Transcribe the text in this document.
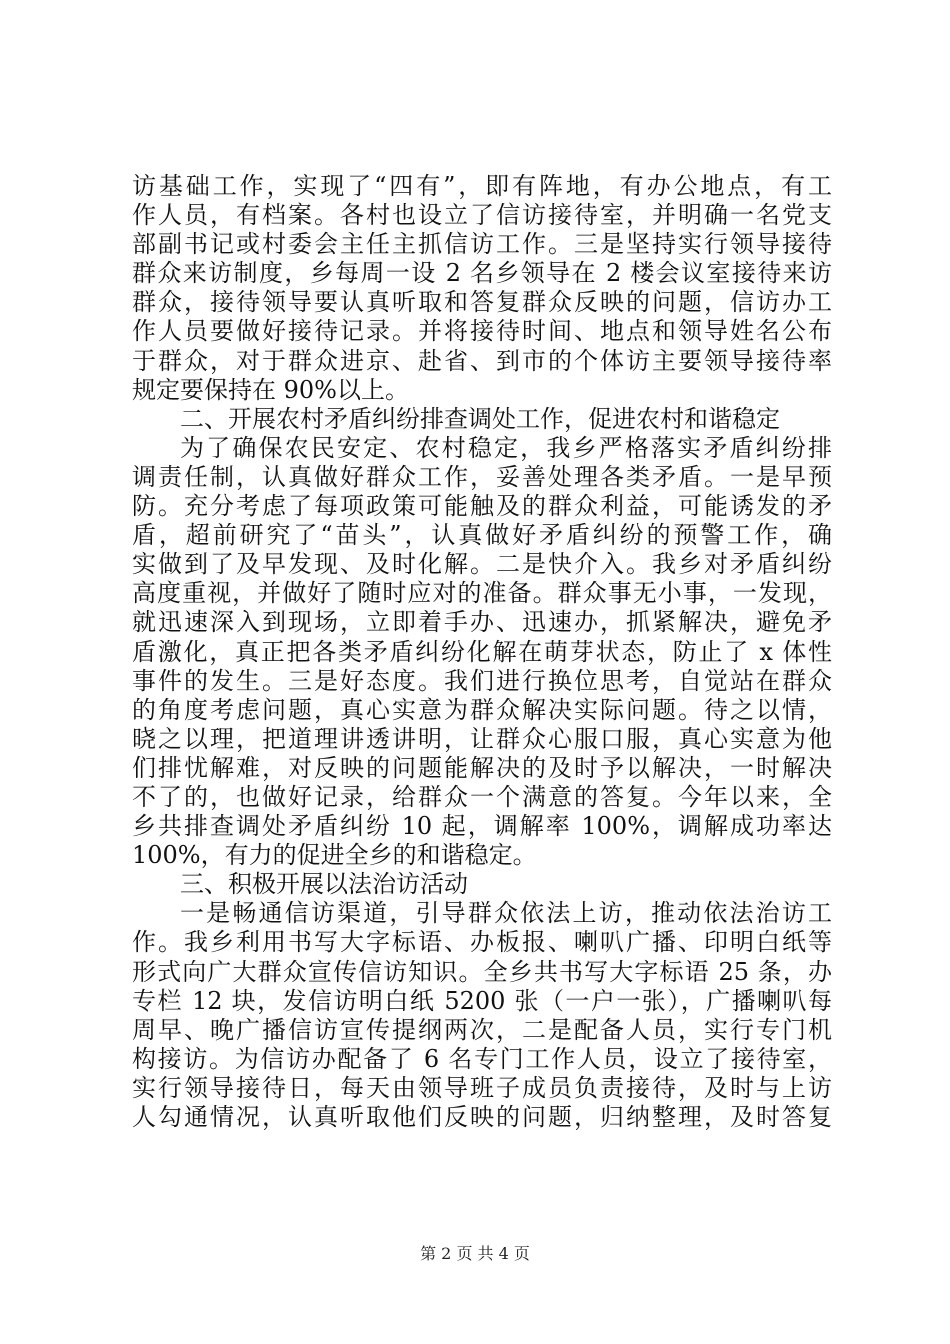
访基础工作，实现了“四有”，即有阵地，有办公地点，有工
作人员，有档案。各村也设立了信访接待室，并明确一名党支
部副书记或村委会主任主抓信访工作。三是坚持实行领导接待
群众来访制度，乡每周一设 2 名乡领导在 2 楼会议室接待来访
群众，接待领导要认真听取和答复群众反映的问题，信访办工
作人员要做好接待记录。并将接待时间、地点和领导姓名公布
于群众，对于群众进京、赴省、到市的个体访主要领导接待率
规定要保持在 90%以上。
二、开展农村矛盾纠纷排查调处工作，促进农村和谐稳定
为了确保农民安定、农村稳定，我乡严格落实矛盾纠纷排
调责任制，认真做好群众工作，妥善处理各类矛盾。一是早预
防。充分考虑了每项政策可能触及的群众利益，可能诱发的矛
盾，超前研究了“苗头”，认真做好矛盾纠纷的预警工作，确
实做到了及早发现、及时化解。二是快介入。我乡对矛盾纠纷
高度重视，并做好了随时应对的准备。群众事无小事，一发现，
就迅速深入到现场，立即着手办、迅速办，抓紧解决，避免矛
盾激化，真正把各类矛盾纠纷化解在萌芽状态，防止了 x 体性
事件的发生。三是好态度。我们进行换位思考，自觉站在群众
的角度考虑问题，真心实意为群众解决实际问题。待之以情，
晓之以理，把道理讲透讲明，让群众心服口服，真心实意为他
们排忧解难，对反映的问题能解决的及时予以解决，一时解决
不了的，也做好记录，给群众一个满意的答复。今年以来，全
乡共排查调处矛盾纠纷 10 起，调解率 100%，调解成功率达
100%，有力的促进全乡的和谐稳定。
三、积极开展以法治访活动
一是畅通信访渠道，引导群众依法上访，推动依法治访工
作。我乡利用书写大字标语、办板报、喇叭广播、印明白纸等
形式向广大群众宣传信访知识。全乡共书写大字标语 25 条，办
专栏 12 块，发信访明白纸 5200 张（一户一张），广播喇叭每
周早、晚广播信访宣传提纲两次，二是配备人员，实行专门机
构接访。为信访办配备了 6 名专门工作人员，设立了接待室，
实行领导接待日，每天由领导班子成员负责接待，及时与上访
人勾通情况，认真听取他们反映的问题，归纳整理，及时答复
第 2 页 共 4 页
